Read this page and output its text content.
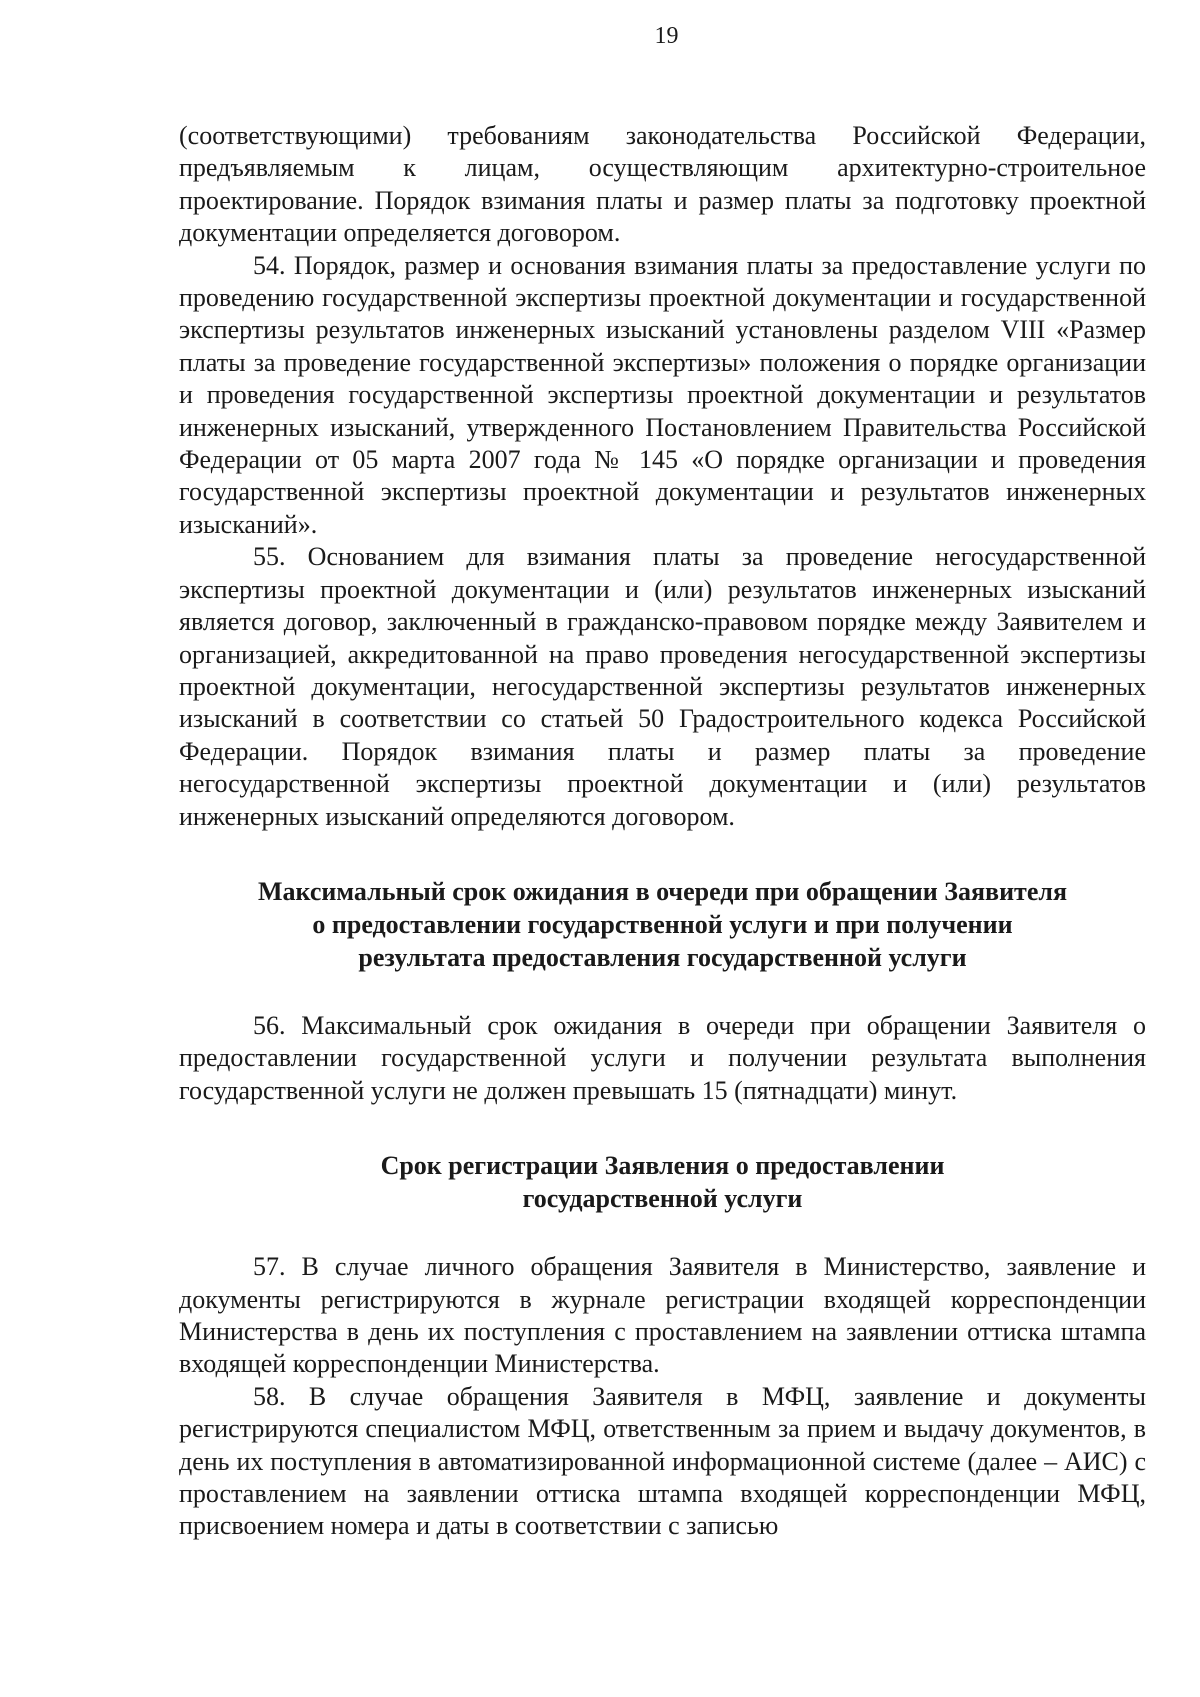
19

(соответствующими) требованиям законодательства Российской Федерации, предъявляемым к лицам, осуществляющим архитектурно-строительное проектирование. Порядок взимания платы и размер платы за подготовку проектной документации определяется договором.

54. Порядок, размер и основания взимания платы за предоставление услуги по проведению государственной экспертизы проектной документации и государственной экспертизы результатов инженерных изысканий установлены разделом VIII «Размер платы за проведение государственной экспертизы» положения о порядке организации и проведения государственной экспертизы проектной документации и результатов инженерных изысканий, утвержденного Постановлением Правительства Российской Федерации от 05 марта 2007 года № 145 «О порядке организации и проведения государственной экспертизы проектной документации и результатов инженерных изысканий».

55. Основанием для взимания платы за проведение негосударственной экспертизы проектной документации и (или) результатов инженерных изысканий является договор, заключенный в гражданско-правовом порядке между Заявителем и организацией, аккредитованной на право проведения негосударственной экспертизы проектной документации, негосударственной экспертизы результатов инженерных изысканий в соответствии со статьей 50 Градостроительного кодекса Российской Федерации. Порядок взимания платы и размер платы за проведение негосударственной экспертизы проектной документации и (или) результатов инженерных изысканий определяются договором.

Максимальный срок ожидания в очереди при обращении Заявителя
о предоставлении государственной услуги и при получении
результата предоставления государственной услуги

56. Максимальный срок ожидания в очереди при обращении Заявителя о предоставлении государственной услуги и получении результата выполнения государственной услуги не должен превышать 15 (пятнадцати) минут.

Срок регистрации Заявления о предоставлении
государственной услуги

57. В случае личного обращения Заявителя в Министерство, заявление и документы регистрируются в журнале регистрации входящей корреспонденции Министерства в день их поступления с проставлением на заявлении оттиска штампа входящей корреспонденции Министерства.

58. В случае обращения Заявителя в МФЦ, заявление и документы регистрируются специалистом МФЦ, ответственным за прием и выдачу документов, в день их поступления в автоматизированной информационной системе (далее – АИС) с проставлением на заявлении оттиска штампа входящей корреспонденции МФЦ, присвоением номера и даты в соответствии с записью
